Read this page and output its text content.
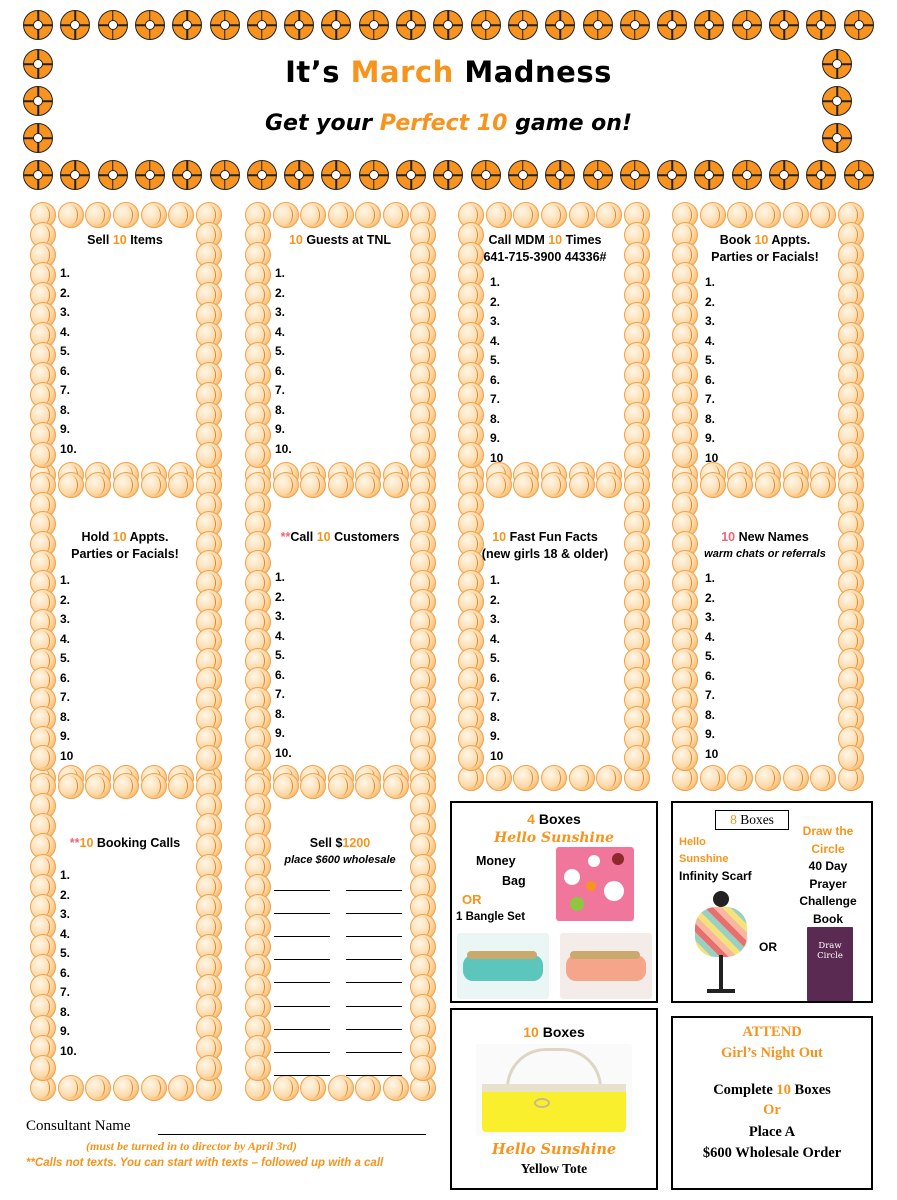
It’s March Madness
Get your Perfect 10 game on!
Sell 10 Items
1.
2.
3.
4.
5.
6.
7.
8.
9.
10.
10 Guests at TNL
1.
2.
3.
4.
5.
6.
7.
8.
9.
10.
Call MDM 10 Times
641-715-3900 44336#
1.
2.
3.
4.
5.
6.
7.
8.
9.
10
Book 10 Appts.
Parties or Facials!
1.
2.
3.
4.
5.
6.
7.
8.
9.
10
Hold 10 Appts.
Parties or Facials!
1.
2.
3.
4.
5.
6.
7.
8.
9.
10
**Call 10 Customers
1.
2.
3.
4.
5.
6.
7.
8.
9.
10.
10 Fast Fun Facts
(new girls 18 & older)
1.
2.
3.
4.
5.
6.
7.
8.
9.
10
10 New Names
warm chats or referrals
1.
2.
3.
4.
5.
6.
7.
8.
9.
10
**10 Booking Calls
1.
2.
3.
4.
5.
6.
7.
8.
9.
10.
Sell $1200
place $600 wholesale
4 Boxes
Hello Sunshine
Money
Bag
OR
1 Bangle Set
8 Boxes
Hello
Sunshine
Infinity Scarf
Draw the
Circle
40 Day
Prayer
Challenge
Book
OR	Draw
Circle
10 Boxes
Hello Sunshine
Yellow Tote
ATTEND
Girl’s Night Out
Complete 10 Boxes
Or
Place A
$600 Wholesale Order
Consultant Name
(must be turned in to director by April 3rd)
**Calls not texts. You can start with texts – followed up with a call
